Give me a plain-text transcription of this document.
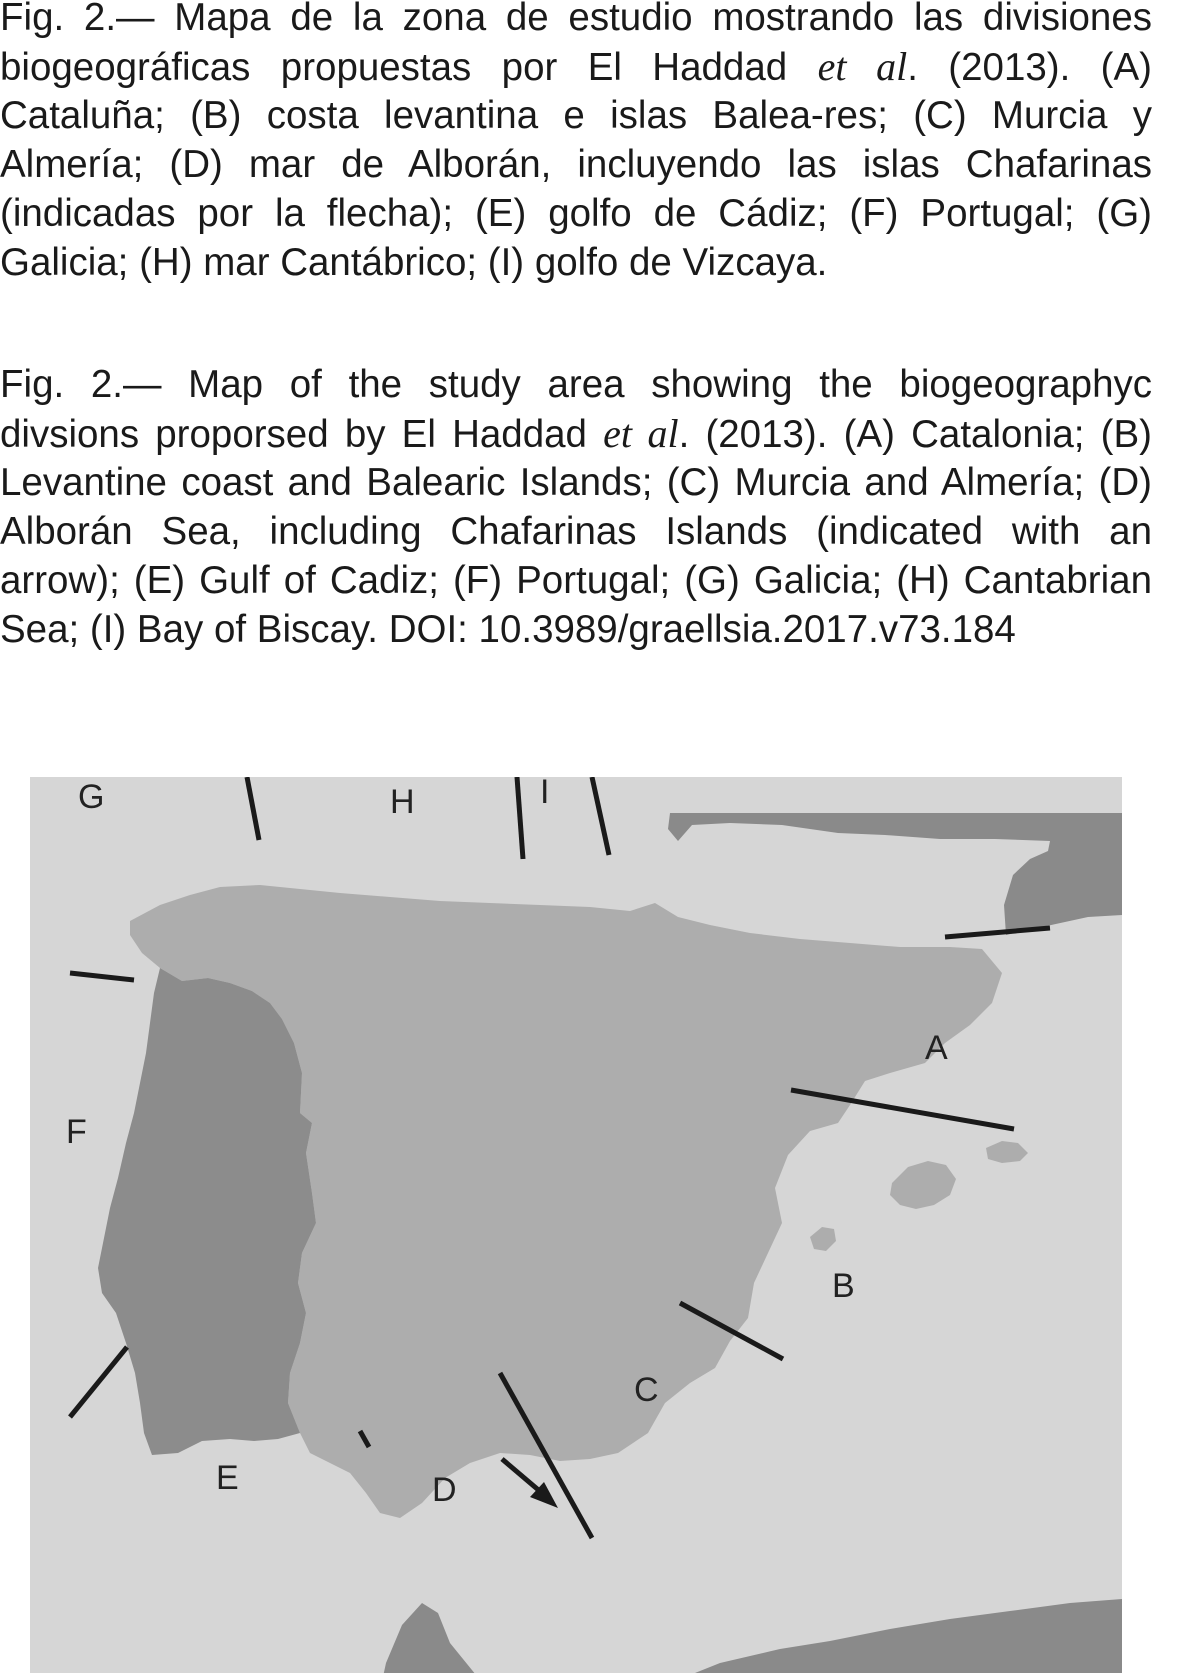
Fig. 2.— Mapa de la zona de estudio mostrando las divisiones biogeográficas propuestas por El Haddad et al. (2013). (A) Cataluña; (B) costa levantina e islas Balea-res; (C) Murcia y Almería; (D) mar de Alborán, incluyendo las islas Chafarinas (indicadas por la flecha); (E) golfo de Cádiz; (F) Portugal; (G) Galicia; (H) mar Cantábrico; (I) golfo de Vizcaya.

Fig. 2.— Map of the study area showing the biogeographyc divsions proporsed by El Haddad et al. (2013). (A) Catalonia; (B) Levantine coast and Balearic Islands; (C) Murcia and Almería; (D) Alborán Sea, including Chafarinas Islands (indicated with an arrow); (E) Gulf of Cadiz; (F) Portugal; (G) Galicia; (H) Cantabrian Sea; (I) Bay of Biscay. DOI: 10.3989/graellsia.2017.v73.184

G	H	I
A
F
B
C
E	D
